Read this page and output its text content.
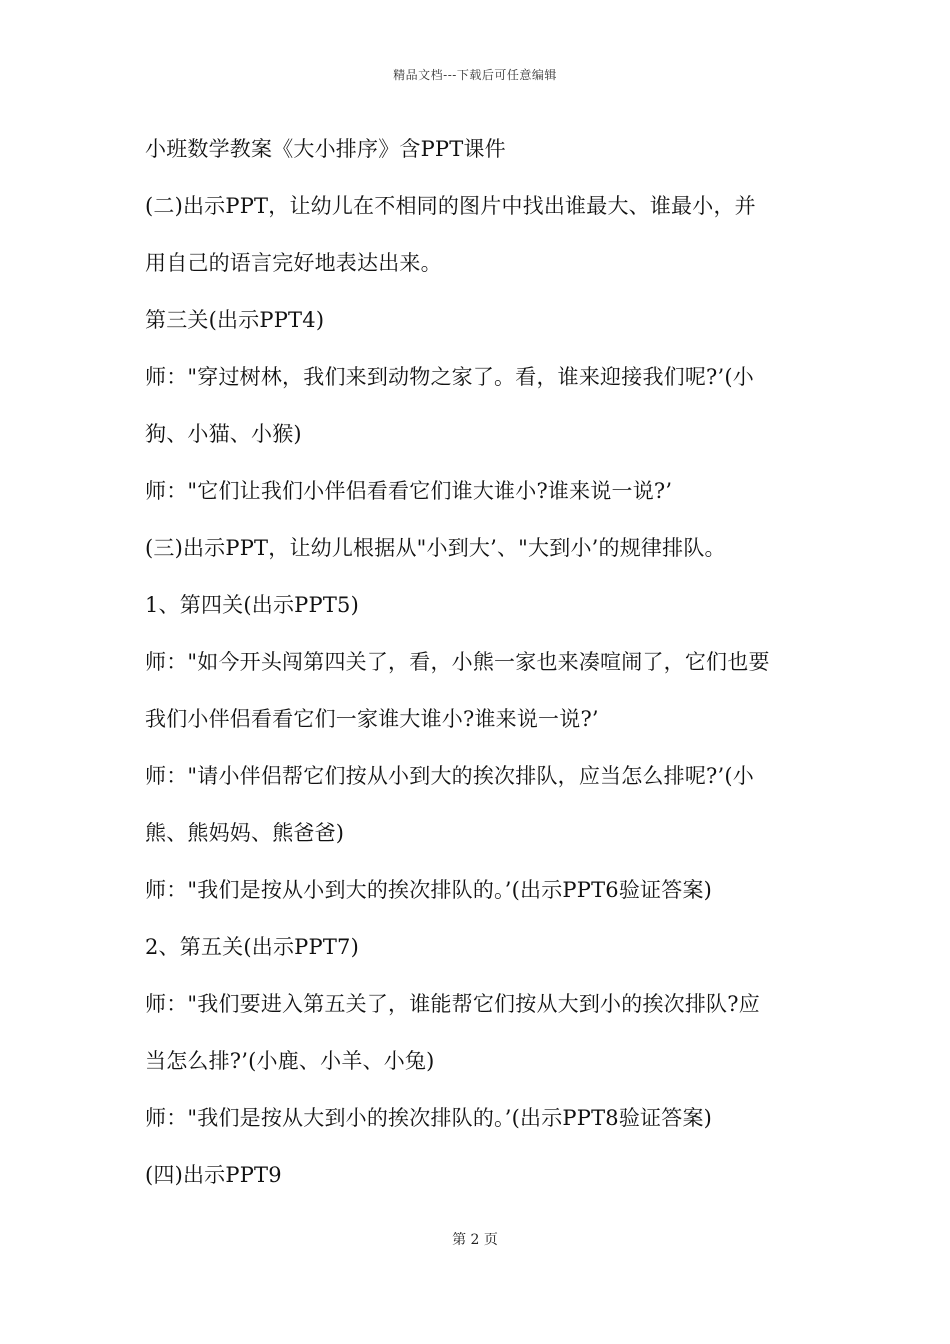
精品文档---下载后可任意编辑
小班数学教案《大小排序》含PPT课件
(二)出示PPT，让幼儿在不相同的图片中找出谁最大、谁最小，并
用自己的语言完好地表达出来。
第三关(出示PPT4)
师："穿过树林，我们来到动物之家了。看，谁来迎接我们呢?’(小
狗、小猫、小猴)
师："它们让我们小伴侣看看它们谁大谁小?谁来说一说?’
(三)出示PPT，让幼儿根据从"小到大’、"大到小’的规律排队。
1、第四关(出示PPT5)
师："如今开头闯第四关了，看，小熊一家也来凑喧闹了，它们也要
我们小伴侣看看它们一家谁大谁小?谁来说一说?’
师："请小伴侣帮它们按从小到大的挨次排队，应当怎么排呢?’(小
熊、熊妈妈、熊爸爸)
师："我们是按从小到大的挨次排队的。’(出示PPT6验证答案)
2、第五关(出示PPT7)
师："我们要进入第五关了，谁能帮它们按从大到小的挨次排队?应
当怎么排?’(小鹿、小羊、小兔)
师："我们是按从大到小的挨次排队的。’(出示PPT8验证答案)
(四)出示PPT9
第 2 页
